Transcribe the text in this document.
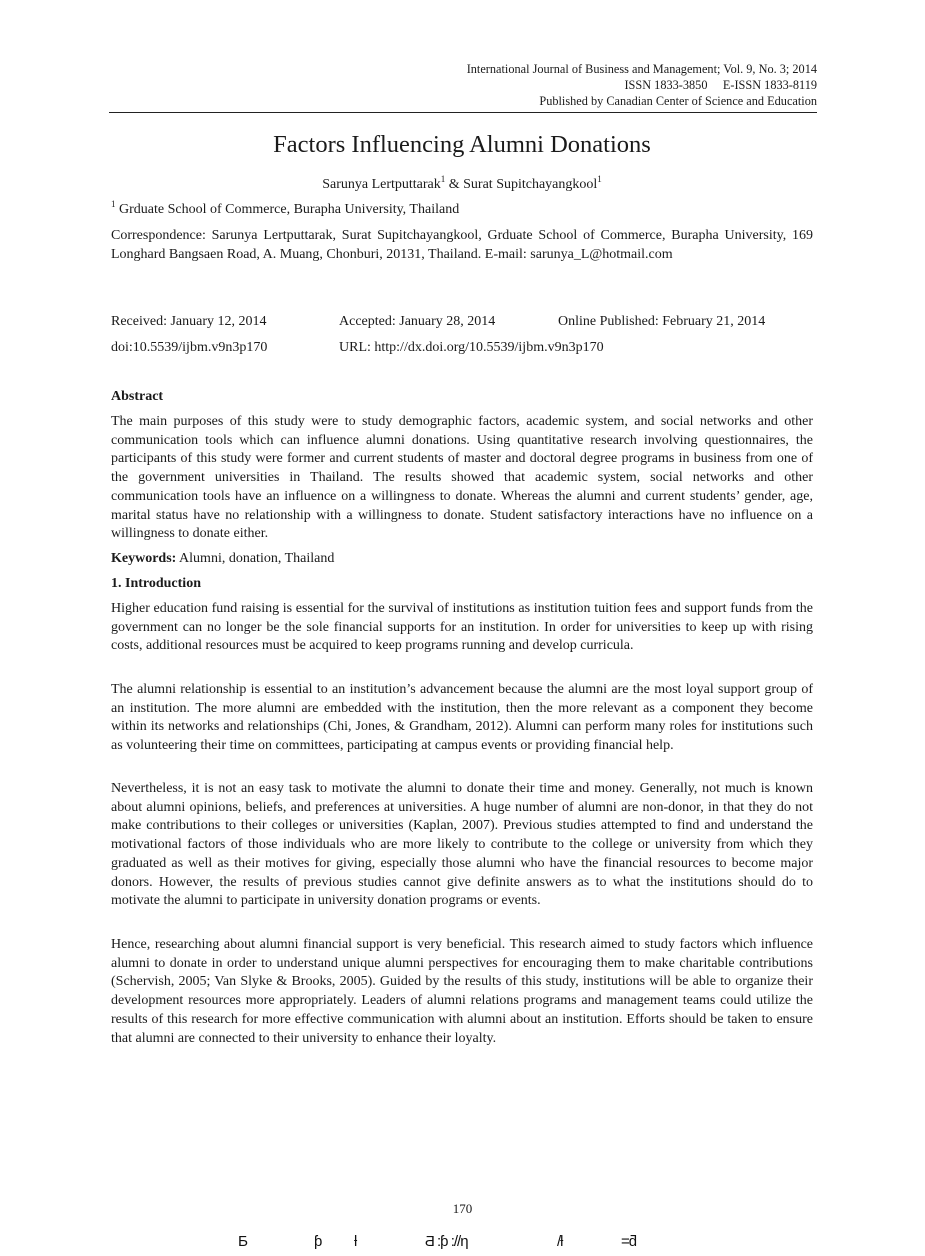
International Journal of Business and Management; Vol. 9, No. 3; 2014
ISSN 1833-3850     E-ISSN 1833-8119
Published by Canadian Center of Science and Education
Factors Influencing Alumni Donations
Sarunya Lertputtarak$^1$ & Surat Supitchayangkool$^1$
$^1$ Grduate School of Commerce, Burapha University, Thailand
Correspondence: Sarunya Lertputtarak, Surat Supitchayangkool, Grduate School of Commerce, Burapha University, 169 Longhard Bangsaen Road, A. Muang, Chonburi, 20131, Thailand. E-mail: sarunya_L@hotmail.com
Received: January 12, 2014	Accepted: January 28, 2014	Online Published: February 21, 2014
doi:10.5539/ijbm.v9n3p170	URL: http://dx.doi.org/10.5539/ijbm.v9n3p170
Abstract
The main purposes of this study were to study demographic factors, academic system, and social networks and other communication tools which can influence alumni donations. Using quantitative research involving questionnaires, the participants of this study were former and current students of master and doctoral degree programs in business from one of the government universities in Thailand. The results showed that academic system, social networks and other communication tools have an influence on a willingness to donate. Whereas the alumni and current students’ gender, age, marital status have no relationship with a willingness to donate. Student satisfactory interactions have no influence on a willingness to donate either.
Keywords: Alumni, donation, Thailand
1. Introduction

Higher education fund raising is essential for the survival of institutions as institution tuition fees and support funds from the government can no longer be the sole financial supports for an institution. In order for universities to keep up with rising costs, additional resources must be acquired to keep programs running and develop curricula.

The alumni relationship is essential to an institution’s advancement because the alumni are the most loyal support group of an institution. The more alumni are embedded with the institution, then the more relevant as a component they become within its networks and relationships (Chi, Jones, & Grandham, 2012). Alumni can perform many roles for institutions such as volunteering their time on committees, participating at campus events or providing financial help.

Nevertheless, it is not an easy task to motivate the alumni to donate their time and money. Generally, not much is known about alumni opinions, beliefs, and preferences at universities. A huge number of alumni are non-donor, in that they do not make contributions to their colleges or universities (Kaplan, 2007). Previous studies attempted to find and understand the motivational factors of those individuals who are more likely to contribute to the college or university from which they graduated as well as their motives for giving, especially those alumni who have the financial resources to become major donors. However, the results of previous studies cannot give definite answers as to what the institutions should do to motivate the alumni to participate in university donation programs or events.

Hence, researching about alumni financial support is very beneficial. This research aimed to study factors which influence alumni to donate in order to understand unique alumni perspectives for encouraging them to make charitable contributions (Schervish, 2005; Van Slyke & Brooks, 2005). Guided by the results of this study, institutions will be able to organize their development resources more appropriately. Leaders of alumni relations programs and management teams could utilize the results of this research for more effective communication with alumni about an institution. Efforts should be taken to ensure that alumni are connected to their university to enhance their loyalty.

170
Ƃ	ƥ ƚ	Ƌ :ƥ ://ƞ	/ƚ	=ƌ
